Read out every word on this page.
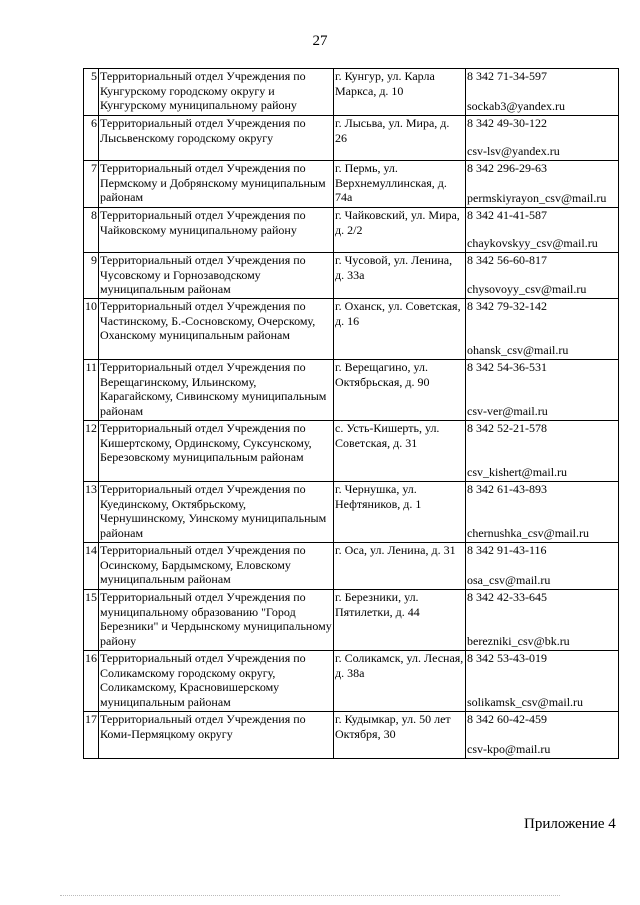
27
5	Территориальный отдел Учреждения по Кунгурскому городскому округу и Кунгурскому муниципальному району	г. Кунгур, ул. Карла Маркса, д. 10	8 342 71-34-597
sockab3@yandex.ru

6	Территориальный отдел Учреждения по Лысьвенскому городскому округу	г. Лысьва, ул. Мира, д. 26	8 342 49-30-122
csv-lsv@yandex.ru

7	Территориальный отдел Учреждения по Пермскому и Добрянскому муниципальным районам	г. Пермь, ул. Верхнемуллинская, д. 74а	8 342 296-29-63
permskiyrayon_csv@mail.ru

8	Территориальный отдел Учреждения по Чайковскому муниципальному району	г. Чайковский, ул. Мира, д. 2/2	8 342 41-41-587
chaykovskyy_csv@mail.ru

9	Территориальный отдел Учреждения по Чусовскому и Горнозаводскому муниципальным районам	г. Чусовой, ул. Ленина, д. 33а	8 342 56-60-817
chysovoyy_csv@mail.ru

10	Территориальный отдел Учреждения по Частинскому, Б.-Сосновскому, Очерскому, Оханскому муниципальным районам	г. Оханск, ул. Советская, д. 16	8 342 79-32-142
ohansk_csv@mail.ru

11	Территориальный отдел Учреждения по Верещагинскому, Ильинскому, Карагайскому, Сивинскому муниципальным районам	г. Верещагино, ул. Октябрьская, д. 90	8 342 54-36-531
csv-ver@mail.ru

12	Территориальный отдел Учреждения по Кишертскому, Ординскому, Суксунскому, Березовскому муниципальным районам	с. Усть-Кишерть, ул. Советская, д. 31	8 342 52-21-578
csv_kishert@mail.ru

13	Территориальный отдел Учреждения по Куединскому, Октябрьскому, Чернушинскому, Уинскому муниципальным районам	г. Чернушка, ул. Нефтяников, д. 1	8 342 61-43-893
chernushka_csv@mail.ru

14	Территориальный отдел Учреждения по Осинскому, Бардымскому, Еловскому муниципальным районам	г. Оса, ул. Ленина, д. 31	8 342 91-43-116
osa_csv@mail.ru

15	Территориальный отдел Учреждения по муниципальному образованию "Город Березники" и Чердынскому муниципальному району	г. Березники, ул. Пятилетки, д. 44	8 342 42-33-645
berezniki_csv@bk.ru

16	Территориальный отдел Учреждения по Соликамскому городскому округу, Соликамскому, Красновишерскому муниципальным районам	г. Соликамск, ул. Лесная, д. 38а	8 342 53-43-019
solikamsk_csv@mail.ru

17	Территориальный отдел Учреждения по Коми-Пермяцкому округу	г. Кудымкар, ул. 50 лет Октября, 30	8 342 60-42-459
csv-kpo@mail.ru
Приложение 4
